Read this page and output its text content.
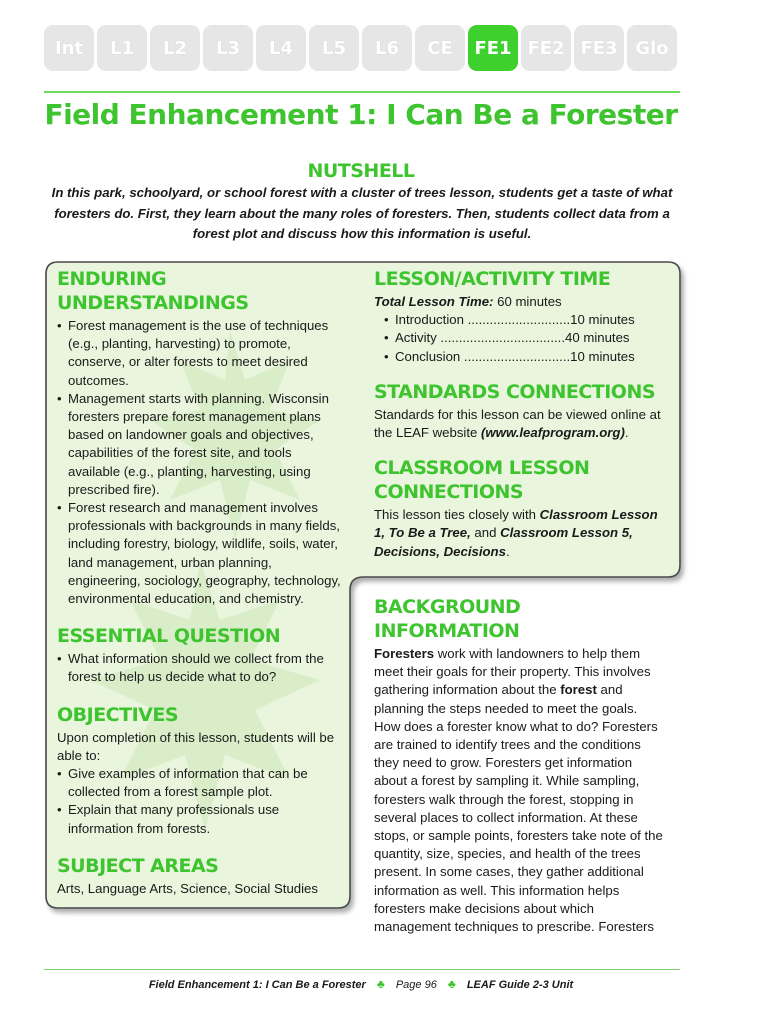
Int	L1	L2	L3	L4	L5	L6	CE	FE1 FE2 FE3 Glo
Field Enhancement 1: I Can Be a Forester
NUTSHELL
In this park, schoolyard, or school forest with a cluster of trees lesson, students get a taste of what foresters do. First, they learn about the many roles of foresters. Then, students collect data from a forest plot and discuss how this information is useful.
ENDURING UNDERSTANDINGS
• Forest management is the use of techniques (e.g., planting, harvesting) to promote, conserve, or alter forests to meet desired outcomes.
• Management starts with planning. Wisconsin foresters prepare forest management plans based on landowner goals and objectives, capabilities of the forest site, and tools available (e.g., planting, harvesting, using prescribed fire).
• Forest research and management involves professionals with backgrounds in many fields, including forestry, biology, wildlife, soils, water, land management, urban planning, engineering, sociology, geography, technology, environmental education, and chemistry.
ESSENTIAL QUESTION
• What information should we collect from the forest to help us decide what to do?
OBJECTIVES

Upon completion of this lesson, students will be able to:

• Give examples of information that can be collected from a forest sample plot.
• Explain that many professionals use information from forests.
SUBJECT AREAS

Arts, Language Arts, Science, Social Studies

LESSON/ACTIVITY TIME

Total Lesson Time: 60 minutes

• Introduction ............................10 minutes
• Activity ..................................40 minutes
• Conclusion .............................10 minutes
STANDARDS CONNECTIONS

Standards for this lesson can be viewed online at the LEAF website (www.leafprogram.org).

CLASSROOM LESSON
CONNECTIONS

This lesson ties closely with Classroom Lesson 1, To Be a Tree, and Classroom Lesson 5, Decisions, Decisions.

BACKGROUND INFORMATION

Foresters work with landowners to help them meet their goals for their property. This involves gathering information about the forest and planning the steps needed to meet the goals. How does a forester know what to do? Foresters are trained to identify trees and the conditions they need to grow. Foresters get information about a forest by sampling it. While sampling, foresters walk through the forest, stopping in several places to collect information. At these stops, or sample points, foresters take note of the quantity, size, species, and health of the trees present. In some cases, they gather additional information as well. This information helps foresters make decisions about which management techniques to prescribe. Foresters

Field Enhancement 1: I Can Be a Forester ♣ Page 96 ♣ LEAF Guide 2-3 Unit
